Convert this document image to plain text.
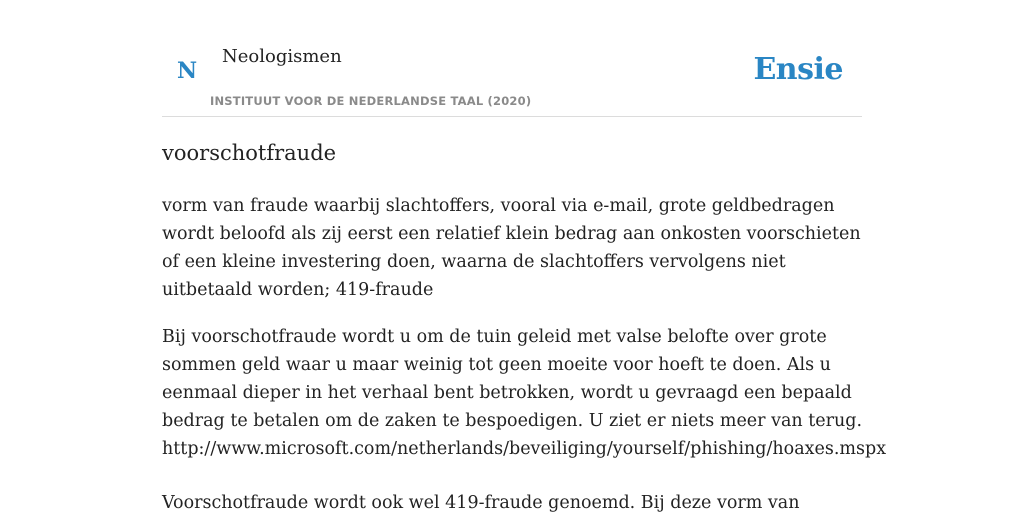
N
Neologismen
INSTITUUT VOOR DE NEDERLANDSE TAAL (2020)
Ensie
voorschotfraude

vorm van fraude waarbij slachtoffers, vooral via e-mail, grote geldbedragen wordt beloofd als zij eerst een relatief klein bedrag aan onkosten voorschieten of een kleine investering doen, waarna de slachtoffers vervolgens niet uitbetaald worden; 419-fraude

Bij voorschotfraude wordt u om de tuin geleid met valse belofte over grote sommen geld waar u maar weinig tot geen moeite voor hoeft te doen. Als u eenmaal dieper in het verhaal bent betrokken, wordt u gevraagd een bepaald bedrag te betalen om de zaken te bespoedigen. U ziet er niets meer van terug.
http://www.microsoft.com/netherlands/beveiliging/yourself/phishing/hoaxes.mspx

Voorschotfraude wordt ook wel 419-fraude genoemd. Bij deze vorm van
